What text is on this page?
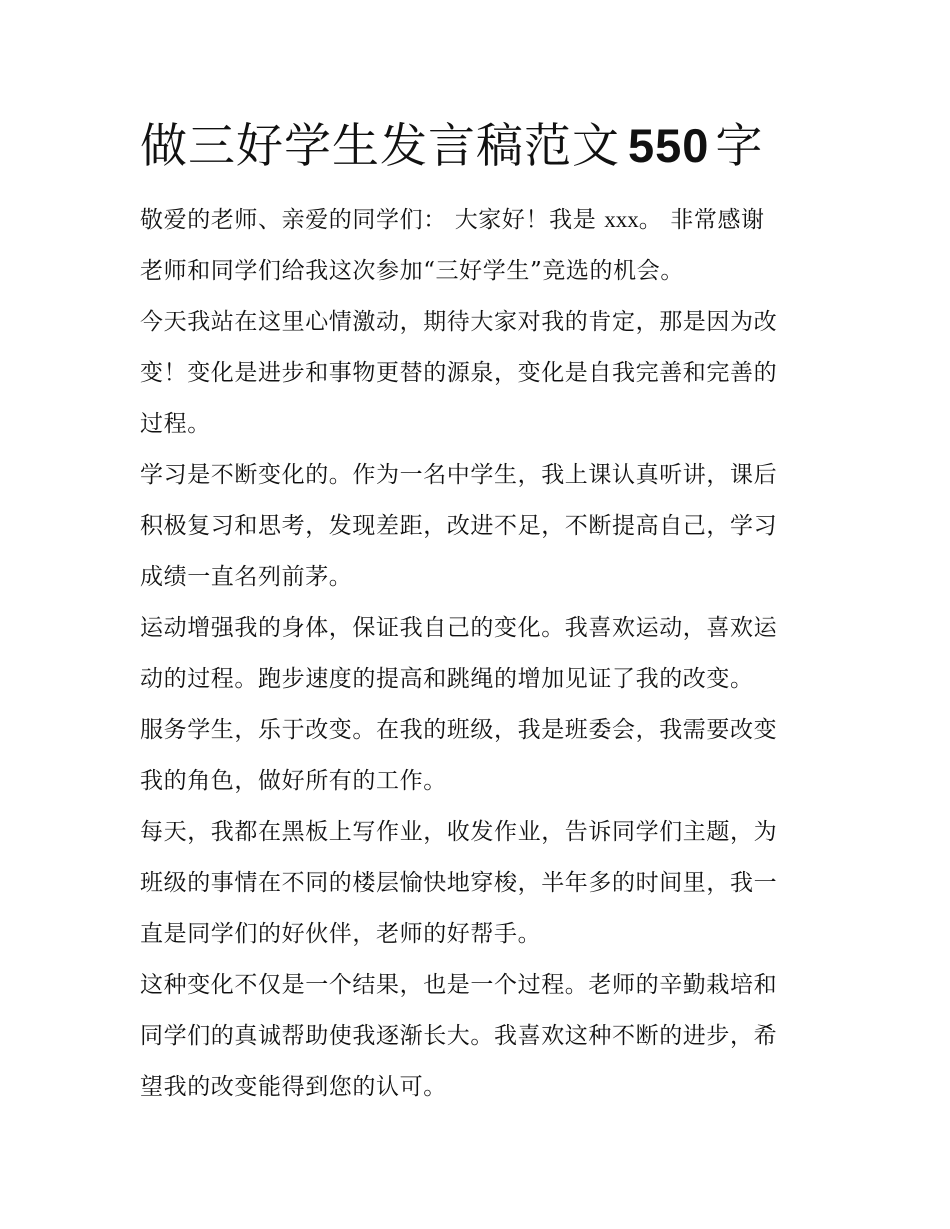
做三好学生发言稿范文 550 字

敬爱的老师、亲爱的同学们： 大家好！我是 xxx。 非常感谢
老师和同学们给我这次参加“三好学生”竞选的机会。

今天我站在这里心情激动，期待大家对我的肯定，那是因为改
变！变化是进步和事物更替的源泉，变化是自我完善和完善的
过程。

学习是不断变化的。作为一名中学生，我上课认真听讲，课后
积极复习和思考，发现差距，改进不足，不断提高自己，学习
成绩一直名列前茅。

运动增强我的身体，保证我自己的变化。我喜欢运动，喜欢运
动的过程。跑步速度的提高和跳绳的增加见证了我的改变。

服务学生，乐于改变。在我的班级，我是班委会，我需要改变
我的角色，做好所有的工作。

每天，我都在黑板上写作业，收发作业，告诉同学们主题，为
班级的事情在不同的楼层愉快地穿梭，半年多的时间里，我一
直是同学们的好伙伴，老师的好帮手。

这种变化不仅是一个结果，也是一个过程。老师的辛勤栽培和
同学们的真诚帮助使我逐渐长大。我喜欢这种不断的进步，希
望我的改变能得到您的认可。
